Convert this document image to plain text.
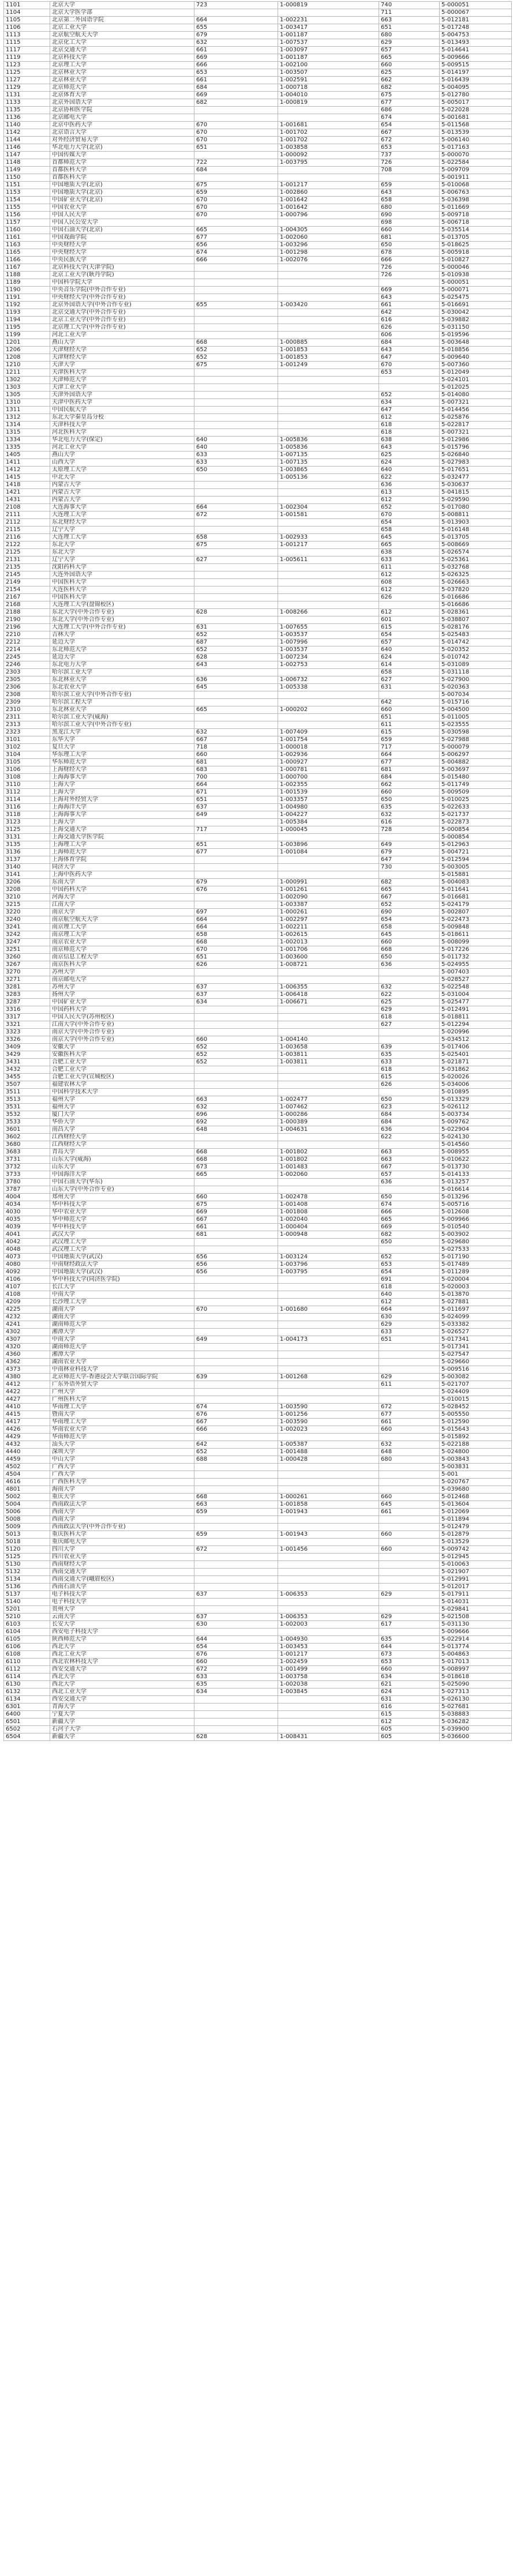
1101	北京大学	723	1-000819	740	5-000051
1104	北京大学医学部			711	5-000067
1105	北京第二外国语学院	664	1-002231	663	5-012181
1106	北京工业大学	655	1-003417	651	5-017248
1113	北京航空航天大学	679	1-001187	680	5-004753
1115	北京化工大学	632	1-007537	629	5-013493
1117	北京交通大学	661	1-003097	657	5-014641
1119	北京科技大学	669	1-001187	665	5-009666
1123	北京理工大学	666	1-002100	660	5-009515
1125	北京林业大学	653	1-003507	625	5-014197
1127	北京林业大学	661	1-002591	662	5-016439
1129	北京师范大学	684	1-000718	682	5-004095
1131	北京体育大学	669	1-004010	675	5-012780
1133	北京外国语大学	682	1-000819	677	5-005017
1135	北京协和医学院			686	5-022028
1136	北京邮电大学			674	5-001681
1140	北京中医药大学	670	1-001681	654	5-011568
1142	北京语言大学	670	1-001702	667	5-013539
1144	对外经济贸易大学	670	1-001702	672	5-006140
1146	华北电力大学(北京)	651	1-003858	653	5-017163
1147	中国传媒大学		1-000092	737	5-000070
1148	首都师范大学	722	1-003795	726	5-022584
1149	首都医科大学	684		708	5-009709
1150	首都医科大学				5-001911
1151	中国地质大学(北京)	675	1-001217	659	5-010068
1153	中国地质大学(北京)	659	1-002860	643	5-006763
1154	中国矿业大学(北京)	670	1-001642	658	5-036398
1155	中国农业大学	670	1-001642	680	5-011669
1156	中国人民大学	670	1-000796	690	5-009718
1157	中国人民公安大学			698	5-006718
1160	中国石油大学(北京)	665	1-004305	660	5-035514
1161	中国戏曲学院	677	1-002060	681	5-013705
1163	中央财经大学	656	1-003296	650	5-018625
1165	中央财经大学	674	1-001298	678	5-005918
1166	中央民族大学	666	1-002076	666	5-010827
1167	北京科技大学(天津学院)			726	5-000046
1188	北京工业大学(耿丹学院)			726	5-010938
1189	中国科学院大学				5-000051
1190	中央音乐学院(中外合作专业)			669	5-000071
1191	中央财经大学(中外合作专业)			643	5-025475
1192	北京外国语大学(中外合作专业)	655	1-003420	661	5-016691
1193	北京交通大学(中外合作专业)			642	5-030042
1194	北京工业大学(中外合作专业)			616	5-039882
1195	北京理工大学(中外合作专业)			626	5-031150
1199	河北工业大学			606	5-019596
1201	燕山大学	668	1-000885	684	5-003648
1206	天津财经大学	652	1-001853	643	5-018856
1208	天津财经大学	652	1-001853	647	5-009640
1210	天津大学	675	1-001249	670	5-007360
1211	天津医科大学			653	5-012049
1302	天津师范大学				5-024101
1303	天津工业大学				5-012025
1305	天津外国语大学			652	5-014080
1310	天津中医药大学			634	5-007321
1311	中国民航大学			647	5-014456
1312	东北大学秦皇岛分校			612	5-025876
1314	天津科技大学			618	5-022817
1315	河北医科大学			618	5-007321
1334	华北电力大学(保定)	640	1-005836	638	5-012986
1335	河北工业大学	640	1-005836	643	5-015796
1405	燕山大学	633	1-007135	625	5-026840
1411	山西大学	633	1-007135	624	5-027983
1412	太原理工大学	650	1-003865	640	5-017651
1415	中北大学		1-005136	622	5-032477
1418	内蒙古大学			636	5-030637
1421	内蒙古大学			613	5-041815
1431	内蒙古大学			612	5-029590
2108	大连海事大学	664	1-002304	652	5-017080
2111	大连理工大学	672	1-001581	670	5-008811
2112	东北财经大学			654	5-013903
2115	辽宁大学			658	5-016148
2116	大连理工大学	658	1-002933	645	5-013705
2122	东北大学	675	1-001217	665	5-008669
2125	东北大学			638	5-026574
2131	辽宁大学	627	1-005611	633	5-025361
2135	沈阳药科大学			611	5-032768
2145	大连外国语大学			612	5-026325
2149	中国医科大学			608	5-026663
2154	大连医科大学			612	5-037820
2167	中国医科大学			626	5-016686
2168	大连理工大学(盘锦校区)				5-016686
2188	东北大学(中外合作专业)	628	1-008266	612	5-028361
2190	东北大学(中外合作专业)			601	5-038807
2196	大连理工大学(中外合作专业)	631	1-007655	615	5-028176
2210	吉林大学	652	1-003537	654	5-025483
2212	延边大学	687	1-007996	657	5-014742
2214	东北师范大学	652	1-003537	640	5-020352
2245	延边大学	628	1-007234	624	5-010742
2246	东北电力大学	643	1-002753	614	5-031089
2303	哈尔滨工业大学			658	5-031118
2305	东北林业大学	636	1-006732	627	5-027900
2306	东北农业大学	645	1-005338	631	5-020363
2308	哈尔滨工业大学(中外合作专业)				5-007034
2309	哈尔滨工程大学			642	5-015716
2310	东北林业大学	665	1-000202	660	5-004500
2311	哈尔滨工业大学(威海)			651	5-011005
2313	哈尔滨工业大学(中外合作专业)			611	5-023555
2323	黑龙江大学	632	1-007409	615	5-030598
3101	东华大学	667	1-001754	659	5-027988
3102	复旦大学	718	1-000018	717	5-000079
3104	华东理工大学	660	1-002936	664	5-006297
3105	华东师范大学	681	1-000927	677	5-004882
3106	上海财经大学	683	1-000781	681	5-003697
3108	上海海事大学	700	1-000700	684	5-015480
3110	上海大学	664	1-002355	662	5-011749
3112	上海大学	671	1-001539	660	5-009509
3114	上海对外经贸大学	651	1-003357	650	5-010025
3116	上海海洋大学	637	1-004980	635	5-022633
3118	上海海事大学	649	1-004227	632	5-021737
3123	上海大学		1-005384	616	5-022873
3125	上海交通大学	717	1-000045	728	5-000854
3131	上海交通大学医学院				5-000854
3135	上海理工大学	651	1-003896	649	5-012963
3136	上海师范大学	677	1-001084	679	5-004721
3137	上海体育学院			647	5-012594
3140	同济大学			730	5-003005
3141	上海中医药大学				5-015881
3206	东南大学	679	1-000991	682	5-004083
3208	中国药科大学	676	1-001261	665	5-011641
3210	河海大学		1-002090	667	5-016681
3215	江南大学		1-003387	652	5-024179
3220	南京大学	697	1-000261	690	5-002807
3240	南京航空航天大学	664	1-002297	654	5-022473
3241	南京理工大学	664	1-002211	658	5-009848
3242	南京理工大学	658	1-002615	645	5-018611
3247	南京农业大学	668	1-002013	660	5-008099
3251	南京师范大学	670	1-001706	668	5-017226
3260	南京信息工程大学	651	1-003600	650	5-011732
3267	南京医科大学	626	1-008721	636	5-024955
3270	苏州大学				5-007403
3271	南京邮电大学				5-028527
3281	苏州大学	637	1-006355	632	5-022548
3283	扬州大学	637	1-006418	622	5-031004
3287	中国矿业大学	634	1-006671	625	5-025477
3316	中国药科大学			629	5-012491
3317	中国人民大学(苏州校区)			618	5-018811
3321	江南大学(中外合作专业)			627	5-012294
3323	南京大学(中外合作专业)				5-020996
3326	南京大学(中外合作专业)	660	1-004140		5-034512
3409	安徽大学	652	1-003658	639	5-017406
3429	安徽医科大学	652	1-003811	635	5-025401
3431	合肥工业大学	652	1-003811	633	5-021871
3432	合肥工业大学			618	5-031862
3455	合肥工业大学(宣城校区)			615	5-020026
3507	福建农林大学			626	5-034006
3511	中国科学技术大学				5-010895
3513	福州大学	663	1-002477	650	5-013329
3531	福州大学	632	1-007462	623	5-026112
3532	厦门大学	696	1-000286	684	5-003734
3533	华侨大学	692	1-000389	684	5-009762
3601	南昌大学	648	1-004631	636	5-022904
3602	江西财经大学			622	5-024130
3680	江西财经大学				5-014560
3683	青岛大学	668	1-001802	663	5-008955
3731	山东大学(威海)	668	1-001802	663	5-010622
3732	山东大学	673	1-001483	667	5-013730
3733	中国海洋大学	665	1-002060	657	5-014133
3780	中国石油大学(华东)			636	5-013257
3787	山东大学(中外合作专业)				5-016614
4004	郑州大学	660	1-002478	650	5-013296
4034	华中科技大学	675	1-001408	674	5-005716
4030	华中农业大学	669	1-001808	666	5-012608
4035	华中师范大学	667	1-002040	665	5-009966
4039	华中科技大学	661	1-000404	669	5-010540
4041	武汉大学	681	1-000948	682	5-003902
4042	武汉理工大学			650	5-029680
4048	武汉理工大学				5-027533
4073	中国地质大学(武汉)	656	1-003124	652	5-017190
4080	中南财经政法大学	656	1-003796	653	5-017489
4092	中国地质大学(武汉)	656	1-003795	654	5-011289
4106	华中科技大学(同济医学院)			691	5-020004
4107	长江大学			618	5-020003
4108	中南大学			640	5-013870
4209	长沙理工大学			612	5-027881
4225	湖南大学	670	1-001680	664	5-011697
4232	湖南大学			630	5-024099
4241	湖南师范大学			629	5-033382
4302	湘潭大学			633	5-026527
4307	中南大学	649	1-004173	651	5-017341
4320	湖南师范大学				5-017341
4360	湘潭大学				5-027547
4362	湖南农业大学				5-029660
4373	中南林业科技大学				5-009516
4380	北京师范大学-香港浸会大学联合国际学院	639	1-001268	629	5-003082
4412	广东外语外贸大学			611	5-021707
4422	广州大学				5-024409
4427	广州医科大学				5-010015
4410	华南理工大学	674	1-003590	672	5-028452
4415	暨南大学	676	1-001256	677	5-005550
4417	华南理工大学	667	1-003590	661	5-012590
4426	华南农业大学	666	1-002023	660	5-015643
4429	华南师范大学				5-015892
4432	汕头大学	642	1-005387	632	5-022188
4440	深圳大学	652	1-001488	648	5-024800
4459	中山大学	688	1-000428	680	5-003843
4502	广西大学				5-003831
4504	广西大学				5-001
4616	广西医科大学				5-020767
4801	海南大学				5-039680
5002	重庆大学	668	1-000261	660	5-012468
5004	西南政法大学	663	1-001858	645	5-013604
5006	西南大学	659	1-001943	661	5-012069
5008	西南大学				5-011894
5009	西南政法大学(中外合作专业)				5-012479
5013	重庆医科大学	659	1-001943	660	5-012879
5018	重庆邮电大学				5-013529
5120	四川大学	672	1-001456	660	5-009742
5125	四川农业大学				5-012945
5130	西南财经大学				5-010063
5132	西南交通大学				5-021907
5134	西南交通大学(峨眉校区)				5-012991
5136	西南石油大学				5-012017
5137	电子科技大学	637	1-006353	629	5-017911
5140	电子科技大学				5-014031
5201	贵州大学				5-029841
5210	云南大学	637	1-006353	629	5-021508
6103	长安大学	630	1-002003	617	5-031130
6104	西安电子科技大学				5-009666
6105	陕西师范大学	644	1-004930	635	5-022914
6106	西北大学	654	1-003453	644	5-013774
6108	西北工业大学	676	1-001217	673	5-004863
6110	西北农林科技大学	660	1-002459	653	5-017013
6112	西安交通大学	672	1-001499	660	5-008997
6114	西北大学	633	1-003758	634	5-018618
6130	西北大学	635	1-002038	621	5-025090
6132	西北工业大学	634	1-003845	624	5-027313
6134	西安交通大学			631	5-026130
6301	青海大学			616	5-027681
6400	宁夏大学			615	5-038883
6501	新疆大学			612	5-036282
6502	石河子大学			605	5-039900
6504	新疆大学	628	1-008431	605	5-036600
